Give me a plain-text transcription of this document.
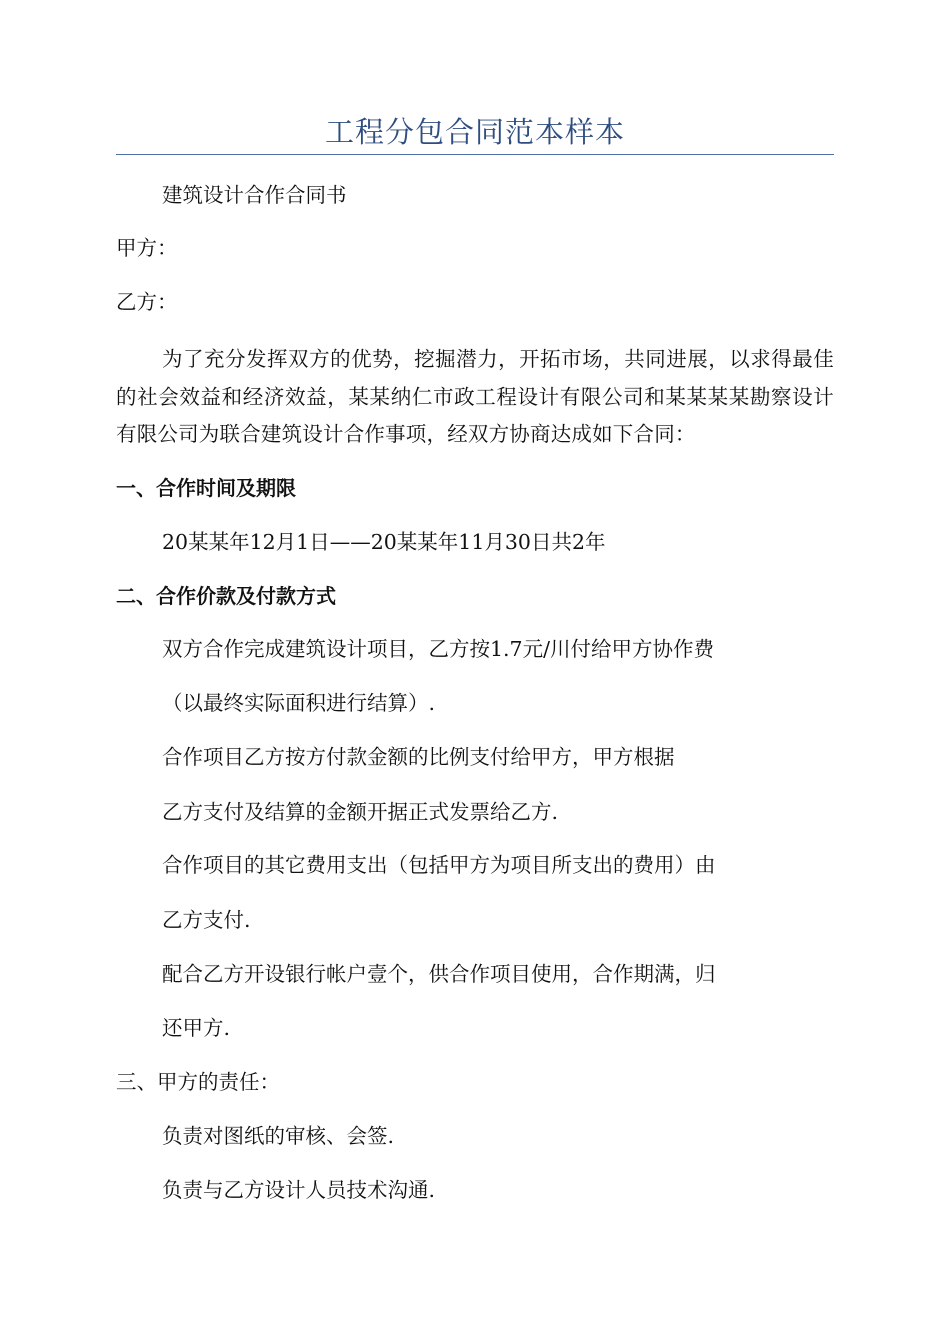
工程分包合同范本样本
建筑设计合作合同书
甲方：
乙方：
为了充分发挥双方的优势，挖掘潜力，开拓市场，共同进展，以求得最佳的社会效益和经济效益，某某纳仁市政工程设计有限公司和某某某某勘察设计有限公司为联合建筑设计合作事项，经双方协商达成如下合同：
一、合作时间及期限
20某某年12月1日——20某某年11月30日共2年
二、合作价款及付款方式
双方合作完成建筑设计项目，乙方按1.7元/川付给甲方协作费
（以最终实际面积进行结算）.
合作项目乙方按方付款金额的比例支付给甲方，甲方根据
乙方支付及结算的金额开据正式发票给乙方.
合作项目的其它费用支出（包括甲方为项目所支出的费用）由
乙方支付.
配合乙方开设银行帐户壹个，供合作项目使用，合作期满，归
还甲方.
三、甲方的责任：
负责对图纸的审核、会签.
负责与乙方设计人员技术沟通.
